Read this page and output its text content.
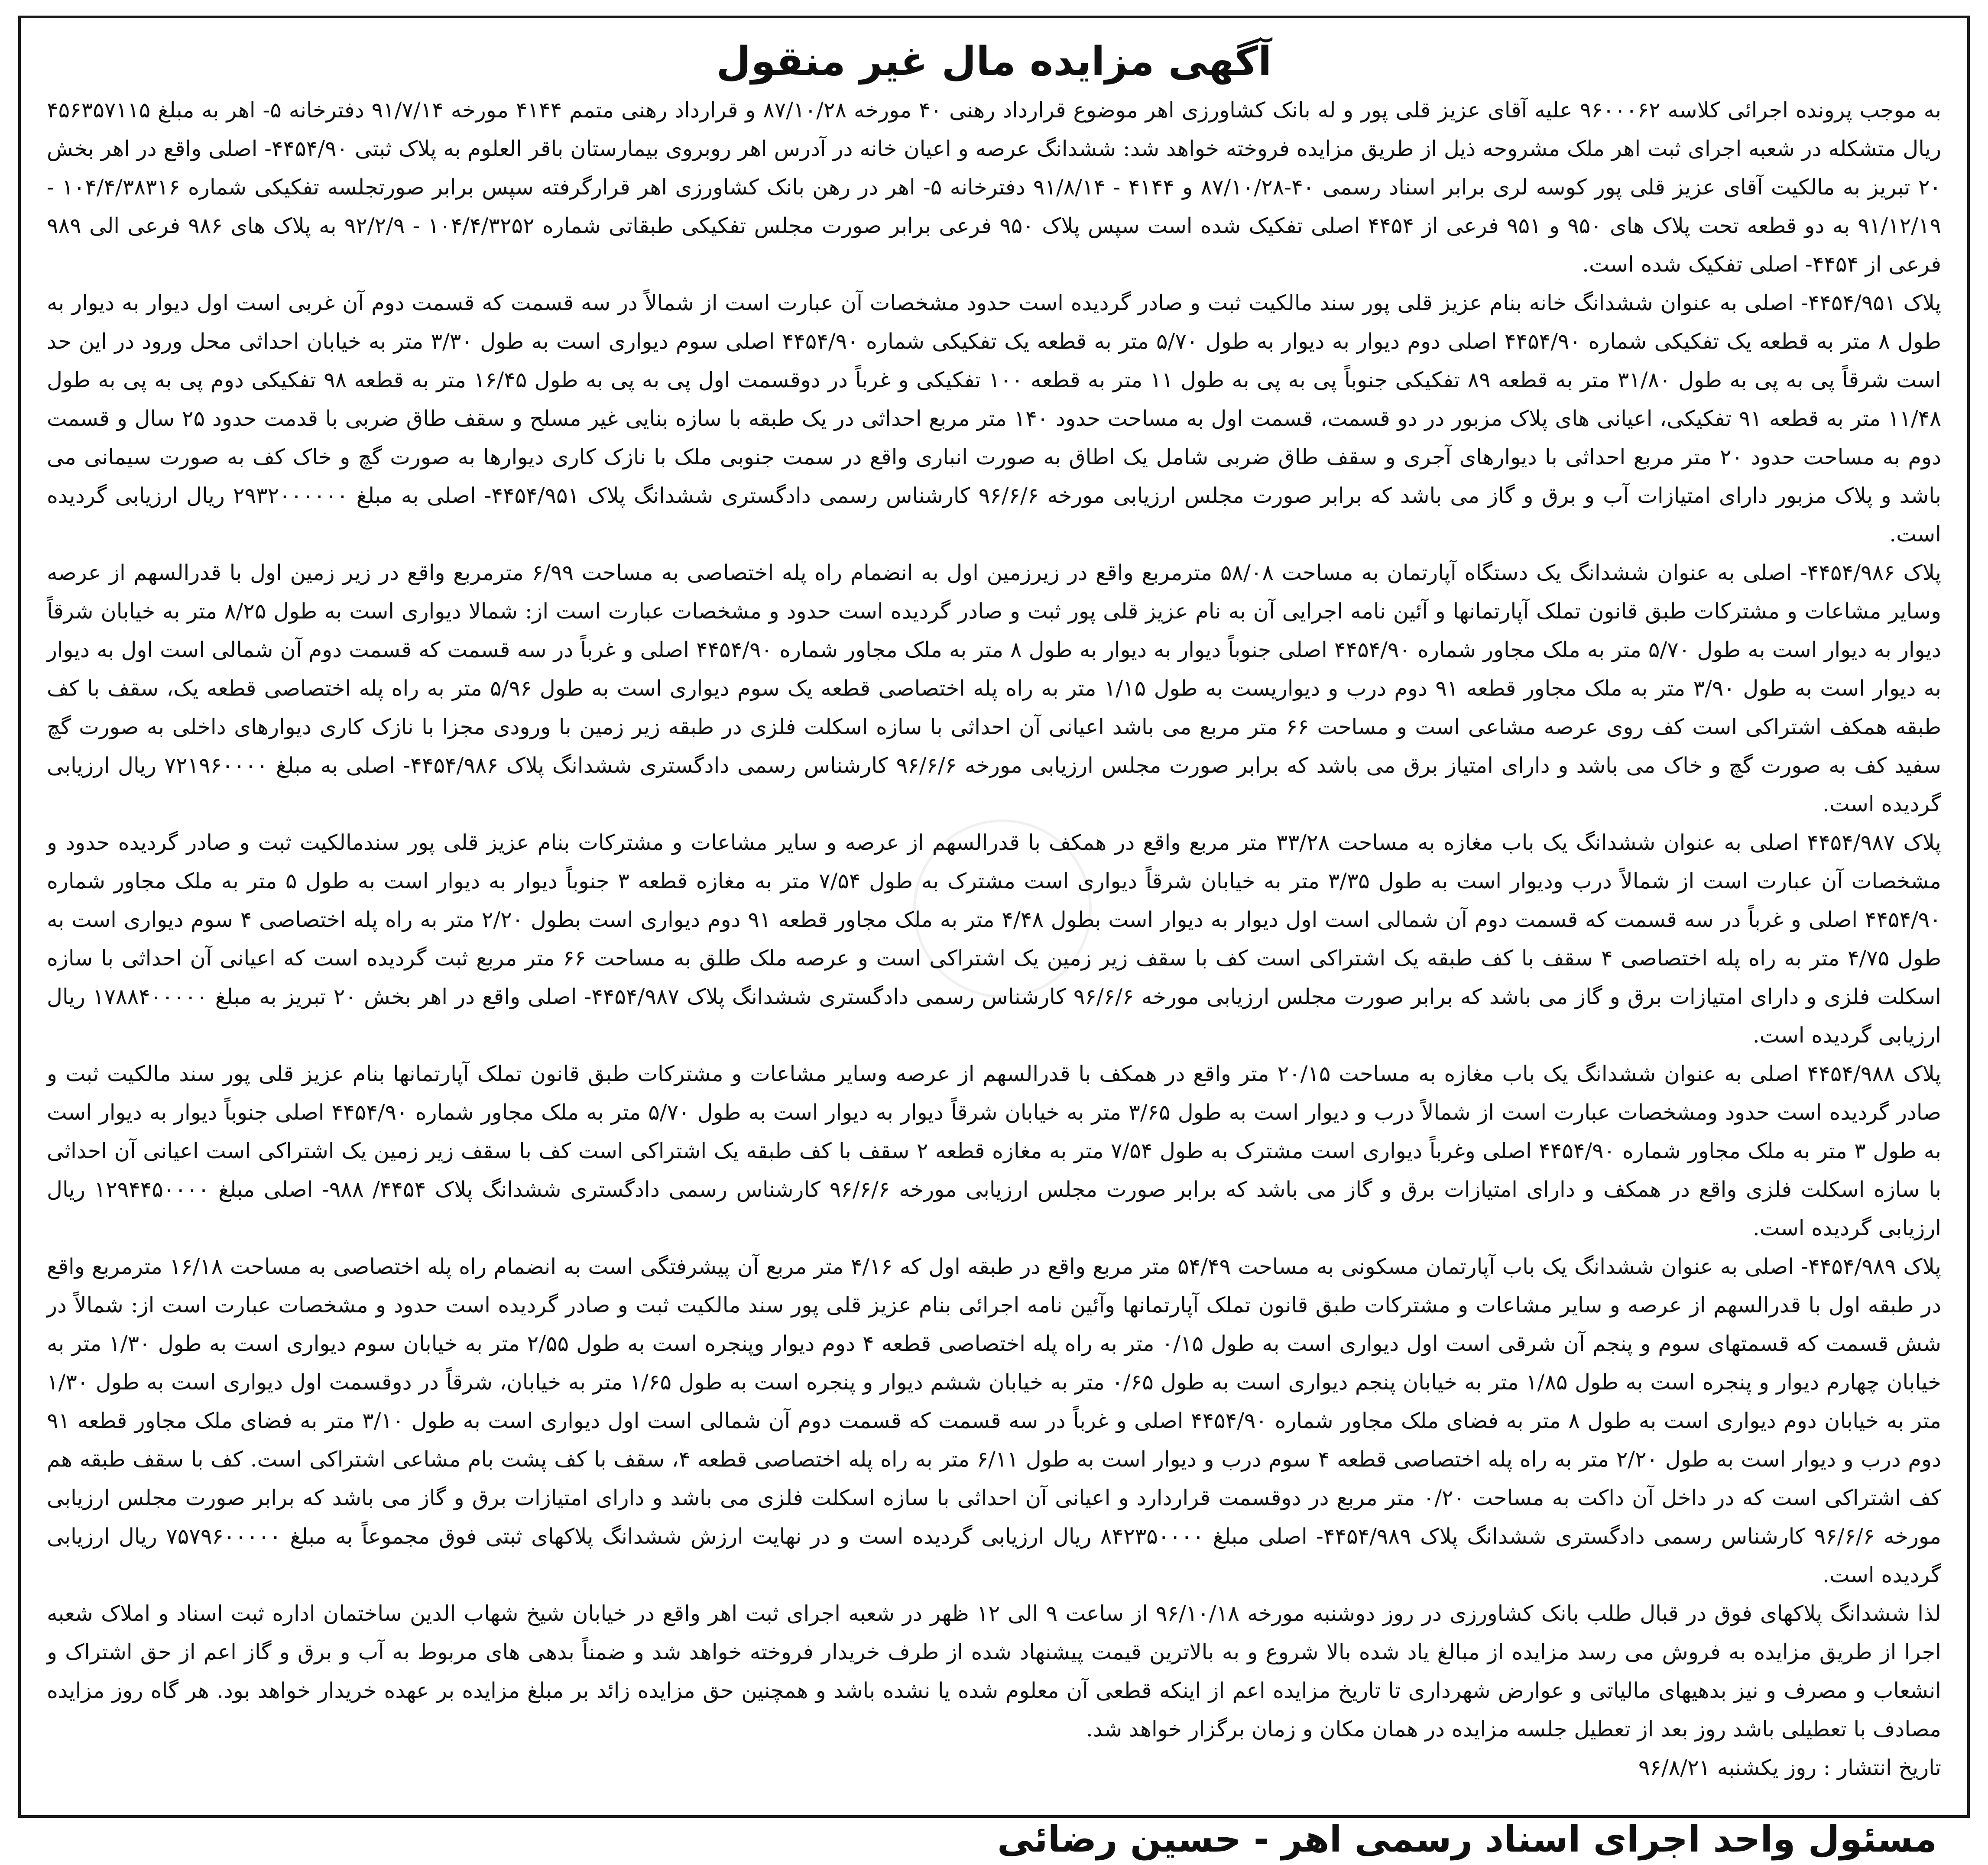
آگهی مزایده مال غیر منقول

به موجب پرونده اجرائی کلاسه ۹۶۰۰۰۶۲ علیه آقای عزیز قلی پور و له بانک کشاورزی اهر موضوع قرارداد رهنی ۴۰ مورخه ۸۷/۱۰/۲۸ و قرارداد رهنی متمم ۴۱۴۴ مورخه ۹۱/۷/۱۴ دفترخانه ۵- اهر به مبلغ ۴۵۶۳۵۷۱۱۵ ریال متشکله در شعبه اجرای ثبت اهر ملک مشروحه ذیل از طریق مزایده فروخته خواهد شد: ششدانگ عرصه و اعیان خانه در آدرس اهر روبروی بیمارستان باقر العلوم به پلاک ثبتی ۴۴۵۴/۹۰- اصلی واقع در اهر بخش ۲۰ تبریز به مالکیت آقای عزیز قلی پور کوسه لری برابر اسناد رسمی ۴۰-۸۷/۱۰/۲۸ و ۴۱۴۴ - ۹۱/۸/۱۴ دفترخانه ۵- اهر در رهن بانک کشاورزی اهر قرارگرفته سپس برابر صورتجلسه تفکیکی شماره ۱۰۴/۴/۳۸۳۱۶ - ۹۱/۱۲/۱۹ به دو قطعه تحت پلاک های ۹۵۰ و ۹۵۱ فرعی از ۴۴۵۴ اصلی تفکیک شده است سپس پلاک ۹۵۰ فرعی برابر صورت مجلس تفکیکی طبقاتی شماره ۱۰۴/۴/۳۲۵۲ - ۹۲/۲/۹ به پلاک های ۹۸۶ فرعی الی ۹۸۹ فرعی از ۴۴۵۴- اصلی تفکیک شده است.

پلاک ۴۴۵۴/۹۵۱- اصلی به عنوان ششدانگ خانه بنام عزیز قلی پور سند مالکیت ثبت و صادر گردیده است حدود مشخصات آن عبارت است از شمالاً در سه قسمت که قسمت دوم آن غربی است اول دیوار به دیوار به طول ۸ متر به قطعه یک تفکیکی شماره ۴۴۵۴/۹۰ اصلی دوم دیوار به دیوار به طول ۵/۷۰ متر به قطعه یک تفکیکی شماره ۴۴۵۴/۹۰ اصلی سوم دیواری است به طول ۳/۳۰ متر به خیابان احداثی محل ورود در این حد است شرقاً پی به پی به طول ۳۱/۸۰ متر به قطعه ۸۹ تفکیکی جنوباً پی به پی به طول ۱۱ متر به قطعه ۱۰۰ تفکیکی و غرباً در دوقسمت اول پی به پی به طول ۱۶/۴۵ متر به قطعه ۹۸ تفکیکی دوم پی به پی به طول ۱۱/۴۸ متر به قطعه ۹۱ تفکیکی، اعیانی های پلاک مزبور در دو قسمت، قسمت اول به مساحت حدود ۱۴۰ متر مربع احداثی در یک طبقه با سازه بنایی غیر مسلح و سقف طاق ضربی با قدمت حدود ۲۵ سال و قسمت دوم به مساحت حدود ۲۰ متر مربع احداثی با دیوارهای آجری و سقف طاق ضربی شامل یک اطاق به صورت انباری واقع در سمت جنوبی ملک با نازک کاری دیوارها به صورت گچ و خاک کف به صورت سیمانی می باشد و پلاک مزبور دارای امتیازات آب و برق و گاز می باشد که برابر صورت مجلس ارزیابی مورخه ۹۶/۶/۶ کارشناس رسمی دادگستری ششدانگ پلاک ۴۴۵۴/۹۵۱- اصلی به مبلغ ۲۹۳۲۰۰۰۰۰۰ ریال ارزیابی گردیده است.

پلاک ۴۴۵۴/۹۸۶- اصلی به عنوان ششدانگ یک دستگاه آپارتمان به مساحت ۵۸/۰۸ مترمربع واقع در زیرزمین اول به انضمام راه پله اختصاصی به مساحت ۶/۹۹ مترمربع واقع در زیر زمین اول با قدرالسهم از عرصه وسایر مشاعات و مشترکات طبق قانون تملک آپارتمانها و آئین نامه اجرایی آن به نام عزیز قلی پور ثبت و صادر گردیده است حدود و مشخصات عبارت است از: شمالا دیواری است به طول ۸/۲۵ متر به خیابان شرقاً دیوار به دیوار است به طول ۵/۷۰ متر به ملک مجاور شماره ۴۴۵۴/۹۰ اصلی جنوباً دیوار به دیوار به طول ۸ متر به ملک مجاور شماره ۴۴۵۴/۹۰ اصلی و غرباً در سه قسمت که قسمت دوم آن شمالی است اول به دیوار به دیوار است به طول ۳/۹۰ متر به ملک مجاور قطعه ۹۱ دوم درب و دیواریست به طول ۱/۱۵ متر به راه پله اختصاصی قطعه یک سوم دیواری است به طول ۵/۹۶ متر به راه پله اختصاصی قطعه یک، سقف با کف طبقه همکف اشتراکی است کف روی عرصه مشاعی است و مساحت ۶۶ متر مربع می باشد اعیانی آن احداثی با سازه اسکلت فلزی در طبقه زیر زمین با ورودی مجزا با نازک کاری دیوارهای داخلی به صورت گچ سفید کف به صورت گچ و خاک می باشد و دارای امتیاز برق می باشد که برابر صورت مجلس ارزیابی مورخه ۹۶/۶/۶ کارشناس رسمی دادگستری ششدانگ پلاک ۴۴۵۴/۹۸۶- اصلی به مبلغ ۷۲۱۹۶۰۰۰۰ ریال ارزیابی گردیده است.

پلاک ۴۴۵۴/۹۸۷ اصلی به عنوان ششدانگ یک باب مغازه به مساحت ۳۳/۲۸ متر مربع واقع در همکف با قدرالسهم از عرصه و سایر مشاعات و مشترکات بنام عزیز قلی پور سندمالکیت ثبت و صادر گردیده حدود و مشخصات آن عبارت است از شمالاً درب ودیوار است به طول ۳/۳۵ متر به خیابان شرقاً دیواری است مشترک به طول ۷/۵۴ متر به مغازه قطعه ۳ جنوباً دیوار به دیوار است به طول ۵ متر به ملک مجاور شماره ۴۴۵۴/۹۰ اصلی و غرباً در سه قسمت که قسمت دوم آن شمالی است اول دیوار به دیوار است بطول ۴/۴۸ متر به ملک مجاور قطعه ۹۱ دوم دیواری است بطول ۲/۲۰ متر به راه پله اختصاصی ۴ سوم دیواری است به طول ۴/۷۵ متر به راه پله اختصاصی ۴ سقف با کف طبقه یک اشتراکی است کف با سقف زیر زمین یک اشتراکی است و عرصه ملک طلق به مساحت ۶۶ متر مربع ثبت گردیده است که اعیانی آن احداثی با سازه اسکلت فلزی و دارای امتیازات برق و گاز می باشد که برابر صورت مجلس ارزیابی مورخه ۹۶/۶/۶ کارشناس رسمی دادگستری ششدانگ پلاک ۴۴۵۴/۹۸۷- اصلی واقع در اهر بخش ۲۰ تبریز به مبلغ ۱۷۸۸۴۰۰۰۰۰ ریال ارزیابی گردیده است.

پلاک ۴۴۵۴/۹۸۸ اصلی به عنوان ششدانگ یک باب مغازه به مساحت ۲۰/۱۵ متر واقع در همکف با قدرالسهم از عرصه وسایر مشاعات و مشترکات طبق قانون تملک آپارتمانها بنام عزیز قلی پور سند مالکیت ثبت و صادر گردیده است حدود ومشخصات عبارت است از شمالاً درب و دیوار است به طول ۳/۶۵ متر به خیابان شرقاً دیوار به دیوار است به طول ۵/۷۰ متر به ملک مجاور شماره ۴۴۵۴/۹۰ اصلی جنوباً دیوار به دیوار است به طول ۳ متر به ملک مجاور شماره ۴۴۵۴/۹۰ اصلی وغرباً دیواری است مشترک به طول ۷/۵۴ متر به مغازه قطعه ۲ سقف با کف طبقه یک اشتراکی است کف با سقف زیر زمین یک اشتراکی است اعیانی آن احداثی با سازه اسکلت فلزی واقع در همکف و دارای امتیازات برق و گاز می باشد که برابر صورت مجلس ارزیابی مورخه ۹۶/۶/۶ کارشناس رسمی دادگستری ششدانگ پلاک ۴۴۵۴/ ۹۸۸- اصلی مبلغ ۱۲۹۴۴۵۰۰۰۰ ریال ارزیابی گردیده است.

پلاک ۴۴۵۴/۹۸۹- اصلی به عنوان ششدانگ یک باب آپارتمان مسکونی به مساحت ۵۴/۴۹ متر مربع واقع در طبقه اول که ۴/۱۶ متر مربع آن پیشرفتگی است به انضمام راه پله اختصاصی به مساحت ۱۶/۱۸ مترمربع واقع در طبقه اول با قدرالسهم از عرصه و سایر مشاعات و مشترکات طبق قانون تملک آپارتمانها وآئین نامه اجرائی بنام عزیز قلی پور سند مالکیت ثبت و صادر گردیده است حدود و مشخصات عبارت است از: شمالاً در شش قسمت که قسمتهای سوم و پنجم آن شرقی است اول دیواری است به طول ۰/۱۵ متر به راه پله اختصاصی قطعه ۴ دوم دیوار وپنجره است به طول ۲/۵۵ متر به خیابان سوم دیواری است به طول ۱/۳۰ متر به خیابان چهارم دیوار و پنجره است به طول ۱/۸۵ متر به خیابان پنجم دیواری است به طول ۰/۶۵ متر به خیابان ششم دیوار و پنجره است به طول ۱/۶۵ متر به خیابان، شرقاً در دوقسمت اول دیواری است به طول ۱/۳۰ متر به خیابان دوم دیواری است به طول ۸ متر به فضای ملک مجاور شماره ۴۴۵۴/۹۰ اصلی و غرباً در سه قسمت که قسمت دوم آن شمالی است اول دیواری است به طول ۳/۱۰ متر به فضای ملک مجاور قطعه ۹۱ دوم درب و دیوار است به طول ۲/۲۰ متر به راه پله اختصاصی قطعه ۴ سوم درب و دیوار است به طول ۶/۱۱ متر به راه پله اختصاصی قطعه ۴، سقف با کف پشت بام مشاعی اشتراکی است. کف با سقف طبقه هم کف اشتراکی است که در داخل آن داکت به مساحت ۰/۲۰ متر مربع در دوقسمت قراردارد و اعیانی آن احداثی با سازه اسکلت فلزی می باشد و دارای امتیازات برق و گاز می باشد که برابر صورت مجلس ارزیابی مورخه ۹۶/۶/۶ کارشناس رسمی دادگستری ششدانگ پلاک ۴۴۵۴/۹۸۹- اصلی مبلغ ۸۴۲۳۵۰۰۰۰ ریال ارزیابی گردیده است و در نهایت ارزش ششدانگ پلاکهای ثبتی فوق مجموعاً به مبلغ ۷۵۷۹۶۰۰۰۰۰ ریال ارزیابی گردیده است.

لذا ششدانگ پلاکهای فوق در قبال طلب بانک کشاورزی در روز دوشنبه مورخه ۹۶/۱۰/۱۸ از ساعت ۹ الی ۱۲ ظهر در شعبه اجرای ثبت اهر واقع در خیابان شیخ شهاب الدین ساختمان اداره ثبت اسناد و املاک شعبه اجرا از طریق مزایده به فروش می رسد مزایده از مبالغ یاد شده بالا شروع و به بالاترین قیمت پیشنهاد شده از طرف خریدار فروخته خواهد شد و ضمناً بدهی های مربوط به آب و برق و گاز اعم از حق اشتراک و انشعاب و مصرف و نیز بدهیهای مالیاتی و عوارض شهرداری تا تاریخ مزایده اعم از اینکه قطعی آن معلوم شده یا نشده باشد و همچنین حق مزایده زائد بر مبلغ مزایده بر عهده خریدار خواهد بود. هر گاه روز مزایده مصادف با تعطیلی باشد روز بعد از تعطیل جلسه مزایده در همان مکان و زمان برگزار خواهد شد.

تاریخ انتشار : روز یکشنبه ۹۶/۸/۲۱

مسئول واحد اجرای اسناد رسمی اهر - حسین رضائی
